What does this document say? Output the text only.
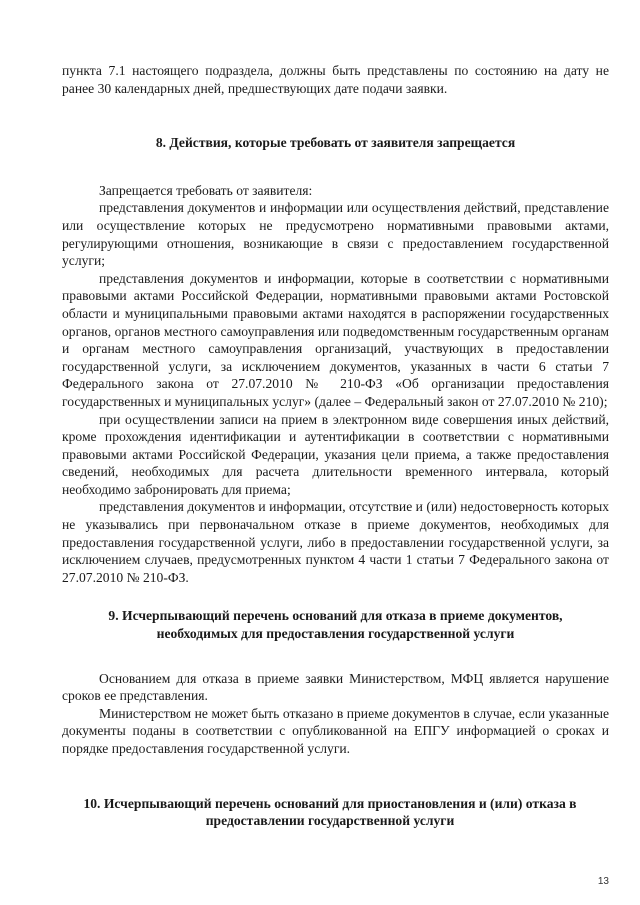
пункта 7.1 настоящего подраздела, должны быть представлены по состоянию на дату не ранее 30 календарных дней, предшествующих дате подачи заявки.

8. Действия, которые требовать от заявителя запрещается

Запрещается требовать от заявителя:

представления документов и информации или осуществления действий, представление или осуществление которых не предусмотрено нормативными правовыми актами, регулирующими отношения, возникающие в связи с предоставлением государственной услуги;

представления документов и информации, которые в соответствии с нормативными правовыми актами Российской Федерации, нормативными правовыми актами Ростовской области и муниципальными правовыми актами находятся в распоряжении государственных органов, органов местного самоуправления или подведомственным государственным органам и органам местного самоуправления организаций, участвующих в предоставлении государственной услуги, за исключением документов, указанных в части 6 статьи 7 Федерального закона от 27.07.2010 № 210-ФЗ «Об организации предоставления государственных и муниципальных услуг» (далее – Федеральный закон от 27.07.2010 № 210);

при осуществлении записи на прием в электронном виде совершения иных действий, кроме прохождения идентификации и аутентификации в соответствии с нормативными правовыми актами Российской Федерации, указания цели приема, а также предоставления сведений, необходимых для расчета длительности временного интервала, который необходимо забронировать для приема;

представления документов и информации, отсутствие и (или) недостоверность которых не указывались при первоначальном отказе в приеме документов, необходимых для предоставления государственной услуги, либо в предоставлении государственной услуги, за исключением случаев, предусмотренных пунктом 4 части 1 статьи 7 Федерального закона от 27.07.2010 № 210-ФЗ.

9. Исчерпывающий перечень оснований для отказа в приеме документов, необходимых для предоставления государственной услуги

Основанием для отказа в приеме заявки Министерством, МФЦ является нарушение сроков ее представления.

Министерством не может быть отказано в приеме документов в случае, если указанные документы поданы в соответствии с опубликованной на ЕПГУ информацией о сроках и порядке предоставления государственной услуги.

10. Исчерпывающий перечень оснований для приостановления и (или) отказа в предоставлении государственной услуги
13
